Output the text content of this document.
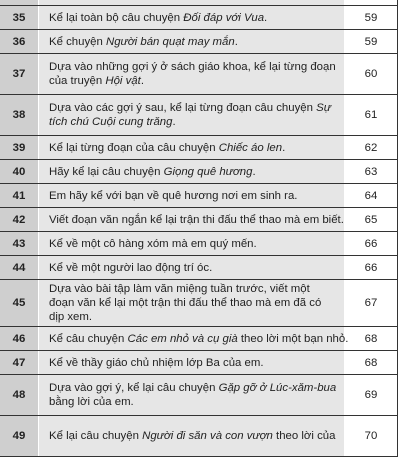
35	Kể lại toàn bộ câu chuyện Đối đáp với Vua.	59
36	Kể chuyện Người bán quạt may mắn.	59
37	Dựa vào những gợi ý ở sách giáo khoa, kể lại từng đoạn của truyện Hội vật.	60
38	Dựa vào các gợi ý sau, kể lại từng đoạn câu chuyện Sự tích chú Cuội cung trăng.	61
39	Kể lại từng đoạn của câu chuyện Chiếc áo len.	62
40	Hãy kể lại câu chuyện Giọng quê hương.	63
41	Em hãy kể với bạn về quê hương nơi em sinh ra.	64
42	Viết đoạn văn ngắn kể lại trận thi đấu thể thao mà em biết.	65
43	Kể về một cô hàng xóm mà em quý mến.	66
44	Kể về một người lao động trí óc.	66
45	Dựa vào bài tập làm văn miệng tuần trước, viết một đoạn văn kể lại một trận thi đấu thể thao mà em đã có dịp xem.	67
46	Kể câu chuyện Các em nhỏ và cụ già theo lời một bạn nhỏ.	68
47	Kể về thầy giáo chủ nhiệm lớp Ba của em.	68
48	Dựa vào gợi ý, kể lại câu chuyện Gặp gỡ ở Lúc-xăm-bua bằng lời của em.	69
49	Kể lại câu chuyện Người đi săn và con vượn theo lời của	70
